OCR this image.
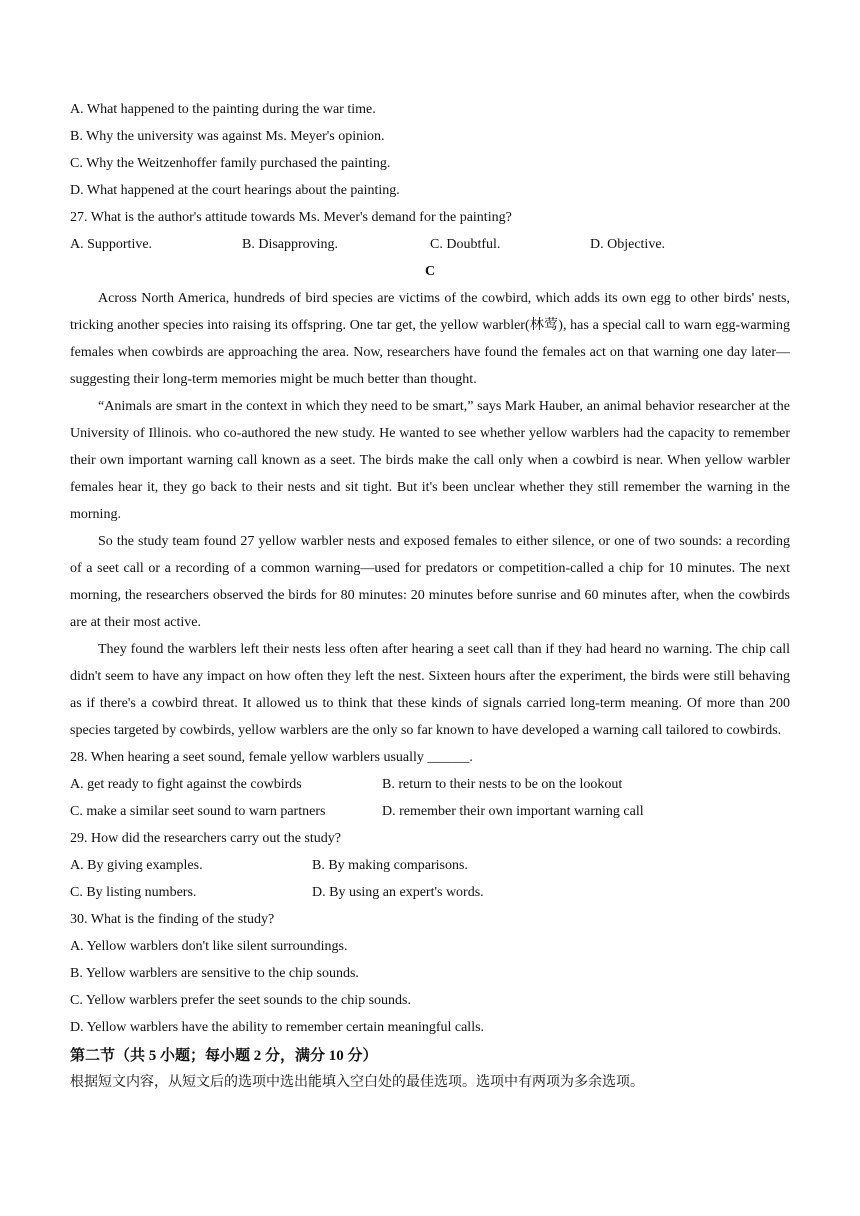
A. What happened to the painting during the war time.
B. Why the university was against Ms. Meyer's opinion.
C. Why the Weitzenhoffer family purchased the painting.
D. What happened at the court hearings about the painting.
27. What is the author's attitude towards Ms. Mever's demand for the painting?
A. Supportive.	B. Disapproving.	C. Doubtful.	D. Objective.
C

Across North America, hundreds of bird species are victims of the cowbird, which adds its own egg to other birds' nests, tricking another species into raising its offspring. One tar get, the yellow warbler(林莺), has a special call to warn egg-warming females when cowbirds are approaching the area. Now, researchers have found the females act on that warning one day later—suggesting their long-term memories might be much better than thought.

“Animals are smart in the context in which they need to be smart,” says Mark Hauber, an animal behavior researcher at the University of Illinois. who co-authored the new study. He wanted to see whether yellow warblers had the capacity to remember their own important warning call known as a seet. The birds make the call only when a cowbird is near. When yellow warbler females hear it, they go back to their nests and sit tight. But it's been unclear whether they still remember the warning in the morning.

So the study team found 27 yellow warbler nests and exposed females to either silence, or one of two sounds: a recording of a seet call or a recording of a common warning—used for predators or competition-called a chip for 10 minutes. The next morning, the researchers observed the birds for 80 minutes: 20 minutes before sunrise and 60 minutes after, when the cowbirds are at their most active.

They found the warblers left their nests less often after hearing a seet call than if they had heard no warning. The chip call didn't seem to have any impact on how often they left the nest. Sixteen hours after the experiment, the birds were still behaving as if there's a cowbird threat. It allowed us to think that these kinds of signals carried long-term meaning. Of more than 200 species targeted by cowbirds, yellow warblers are the only so far known to have developed a warning call tailored to cowbirds.

28. When hearing a seet sound, female yellow warblers usually ______.
A. get ready to fight against the cowbirds	B. return to their nests to be on the lookout
C. make a similar seet sound to warn partners	D. remember their own important warning call
29. How did the researchers carry out the study?
A. By giving examples.	B. By making comparisons.
C. By listing numbers.	D. By using an expert's words.
30. What is the finding of the study?
A. Yellow warblers don't like silent surroundings.
B. Yellow warblers are sensitive to the chip sounds.
C. Yellow warblers prefer the seet sounds to the chip sounds.
D. Yellow warblers have the ability to remember certain meaningful calls.
第二节（共 5 小题；每小题 2 分，满分 10 分）
根据短文内容，从短文后的选项中选出能填入空白处的最佳选项。选项中有两项为多余选项。
